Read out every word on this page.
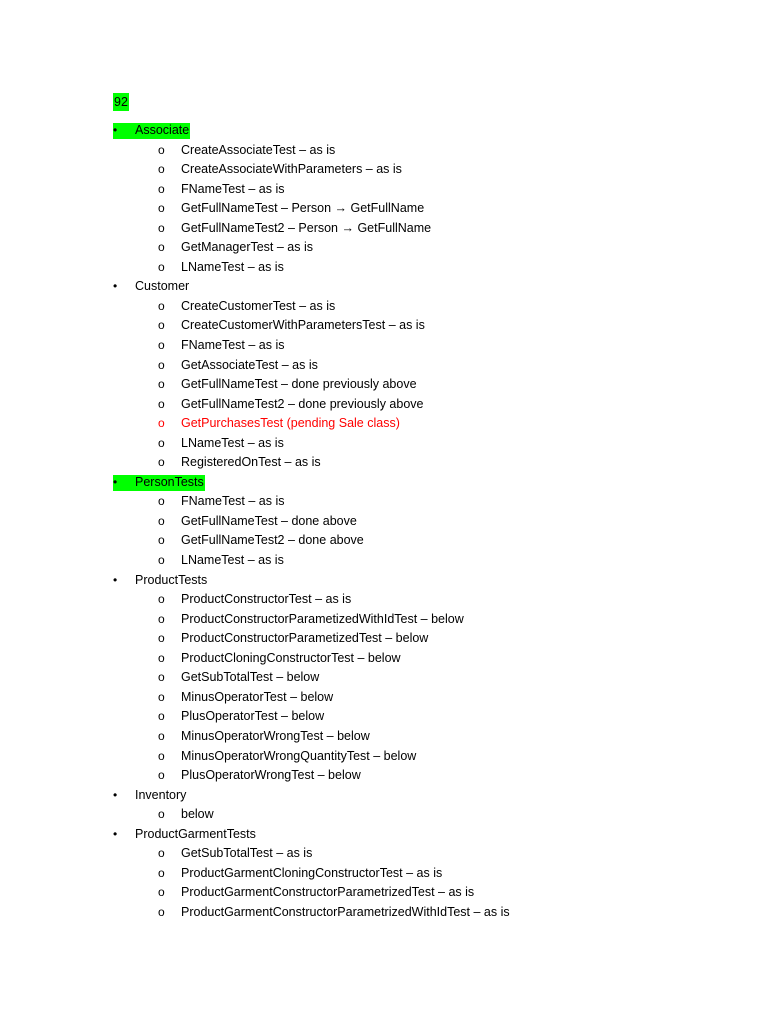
92
•	Associate
o	CreateAssociateTest – as is
o	CreateAssociateWithParameters – as is
o	FNameTest – as is
o	GetFullNameTest – Person → GetFullName
o	GetFullNameTest2 – Person → GetFullName
o	GetManagerTest – as is
o	LNameTest – as is
•	Customer
o	CreateCustomerTest – as is
o	CreateCustomerWithParametersTest – as is
o	FNameTest – as is
o	GetAssociateTest – as is
o	GetFullNameTest – done previously above
o	GetFullNameTest2 – done previously above
o	GetPurchasesTest (pending Sale class)
o	LNameTest – as is
o	RegisteredOnTest – as is
•	PersonTests
o	FNameTest – as is
o	GetFullNameTest – done above
o	GetFullNameTest2 – done above
o	LNameTest – as is
•	ProductTests
o	ProductConstructorTest – as is
o	ProductConstructorParametizedWithIdTest – below
o	ProductConstructorParametizedTest – below
o	ProductCloningConstructorTest – below
o	GetSubTotalTest – below
o	MinusOperatorTest – below
o	PlusOperatorTest – below
o	MinusOperatorWrongTest – below
o	MinusOperatorWrongQuantityTest – below
o	PlusOperatorWrongTest – below
•	Inventory
o	below
•	ProductGarmentTests
o	GetSubTotalTest – as is
o	ProductGarmentCloningConstructorTest – as is
o	ProductGarmentConstructorParametrizedTest – as is
o	ProductGarmentConstructorParametrizedWithIdTest – as is
